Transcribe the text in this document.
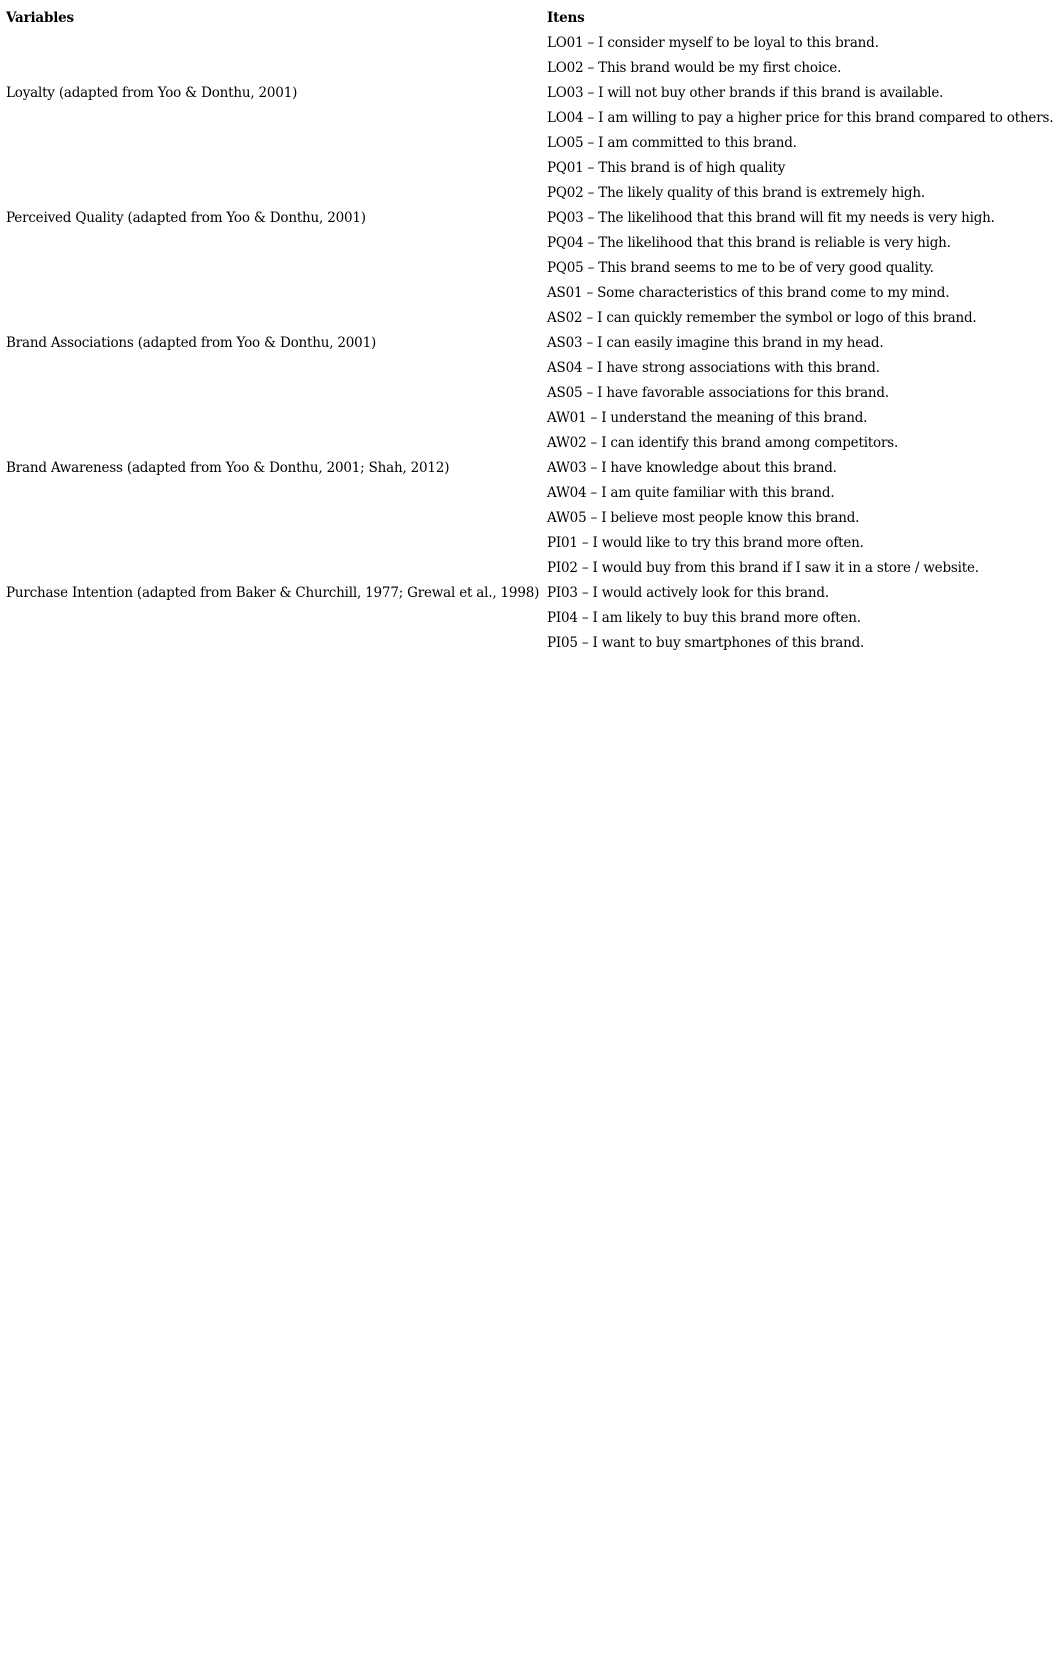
Variables	Itens
	LO01 – I consider myself to be loyal to this brand.
	LO02 – This brand would be my first choice.
Loyalty (adapted from Yoo & Donthu, 2001)	LO03 – I will not buy other brands if this brand is available.
	LO04 – I am willing to pay a higher price for this brand compared to others.
	LO05 – I am committed to this brand.
	PQ01 – This brand is of high quality
	PQ02 – The likely quality of this brand is extremely high.
Perceived Quality (adapted from Yoo & Donthu, 2001)	PQ03 – The likelihood that this brand will fit my needs is very high.
	PQ04 – The likelihood that this brand is reliable is very high.
	PQ05 – This brand seems to me to be of very good quality.
	AS01 – Some characteristics of this brand come to my mind.
	AS02 – I can quickly remember the symbol or logo of this brand.
Brand Associations (adapted from Yoo & Donthu, 2001)	AS03 – I can easily imagine this brand in my head.
	AS04 – I have strong associations with this brand.
	AS05 – I have favorable associations for this brand.
	AW01 – I understand the meaning of this brand.
	AW02 – I can identify this brand among competitors.
Brand Awareness (adapted from Yoo & Donthu, 2001; Shah, 2012)	AW03 – I have knowledge about this brand.
	AW04 – I am quite familiar with this brand.
	AW05 – I believe most people know this brand.
	PI01 – I would like to try this brand more often.
	PI02 – I would buy from this brand if I saw it in a store / website.
Purchase Intention (adapted from Baker & Churchill, 1977; Grewal et al., 1998)	PI03 – I would actively look for this brand.
	PI04 – I am likely to buy this brand more often.
	PI05 – I want to buy smartphones of this brand.
